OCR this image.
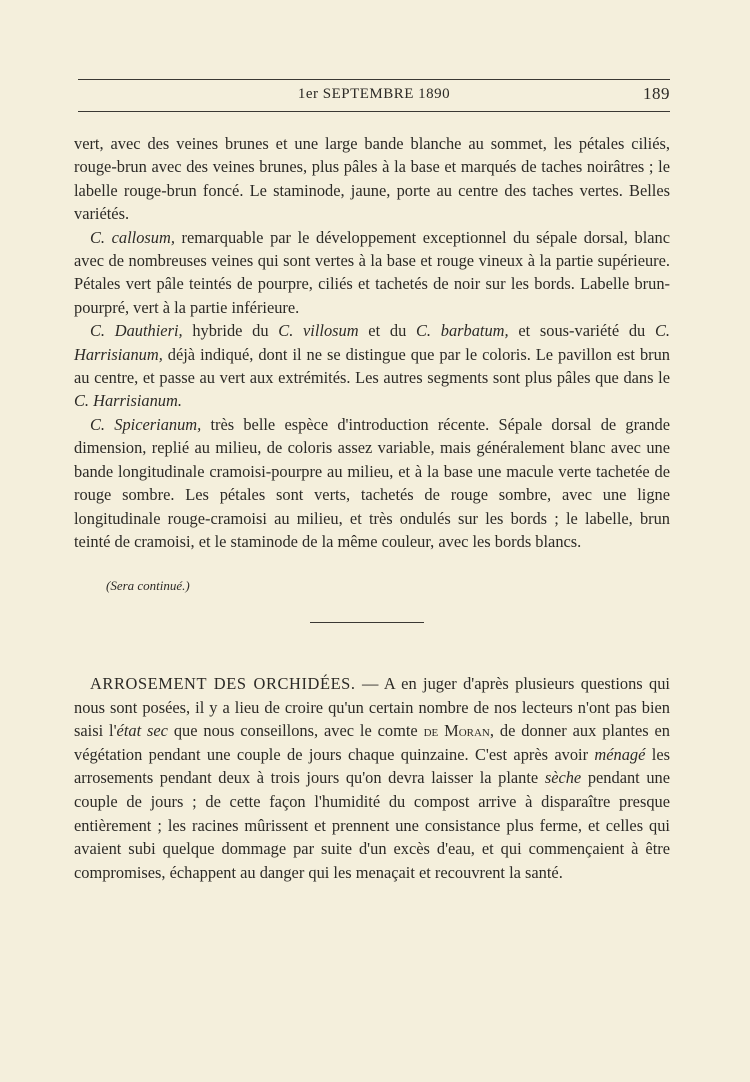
1er SEPTEMBRE 1890	189

vert, avec des veines brunes et une large bande blanche au sommet, les pétales ciliés, rouge-brun avec des veines brunes, plus pâles à la base et marqués de taches noirâtres ; le labelle rouge-brun foncé. Le staminode, jaune, porte au centre des taches vertes. Belles variétés.

C. callosum, remarquable par le développement exceptionnel du sépale dorsal, blanc avec de nombreuses veines qui sont vertes à la base et rouge vineux à la partie supérieure. Pétales vert pâle teintés de pourpre, ciliés et tachetés de noir sur les bords. Labelle brun-pourpré, vert à la partie inférieure.

C. Dauthieri, hybride du C. villosum et du C. barbatum, et sous-variété du C. Harrisianum, déjà indiqué, dont il ne se distingue que par le coloris. Le pavillon est brun au centre, et passe au vert aux extrémités. Les autres segments sont plus pâles que dans le C. Harrisianum.

C. Spicerianum, très belle espèce d'introduction récente. Sépale dorsal de grande dimension, replié au milieu, de coloris assez variable, mais généralement blanc avec une bande longitudinale cramoisi-pourpre au milieu, et à la base une macule verte tachetée de rouge sombre. Les pétales sont verts, tachetés de rouge sombre, avec une ligne longitudinale rouge-cramoisi au milieu, et très ondulés sur les bords ; le labelle, brun teinté de cramoisi, et le staminode de la même couleur, avec les bords blancs.

(Sera continué.)

ARROSEMENT DES ORCHIDÉES. — A en juger d'après plusieurs questions qui nous sont posées, il y a lieu de croire qu'un certain nombre de nos lecteurs n'ont pas bien saisi l'état sec que nous conseillons, avec le comte de Moran, de donner aux plantes en végétation pendant une couple de jours chaque quinzaine. C'est après avoir ménagé les arrosements pendant deux à trois jours qu'on devra laisser la plante sèche pendant une couple de jours ; de cette façon l'humidité du compost arrive à disparaître presque entièrement ; les racines mûrissent et prennent une consistance plus ferme, et celles qui avaient subi quelque dommage par suite d'un excès d'eau, et qui commençaient à être compromises, échappent au danger qui les menaçait et recouvrent la santé.
